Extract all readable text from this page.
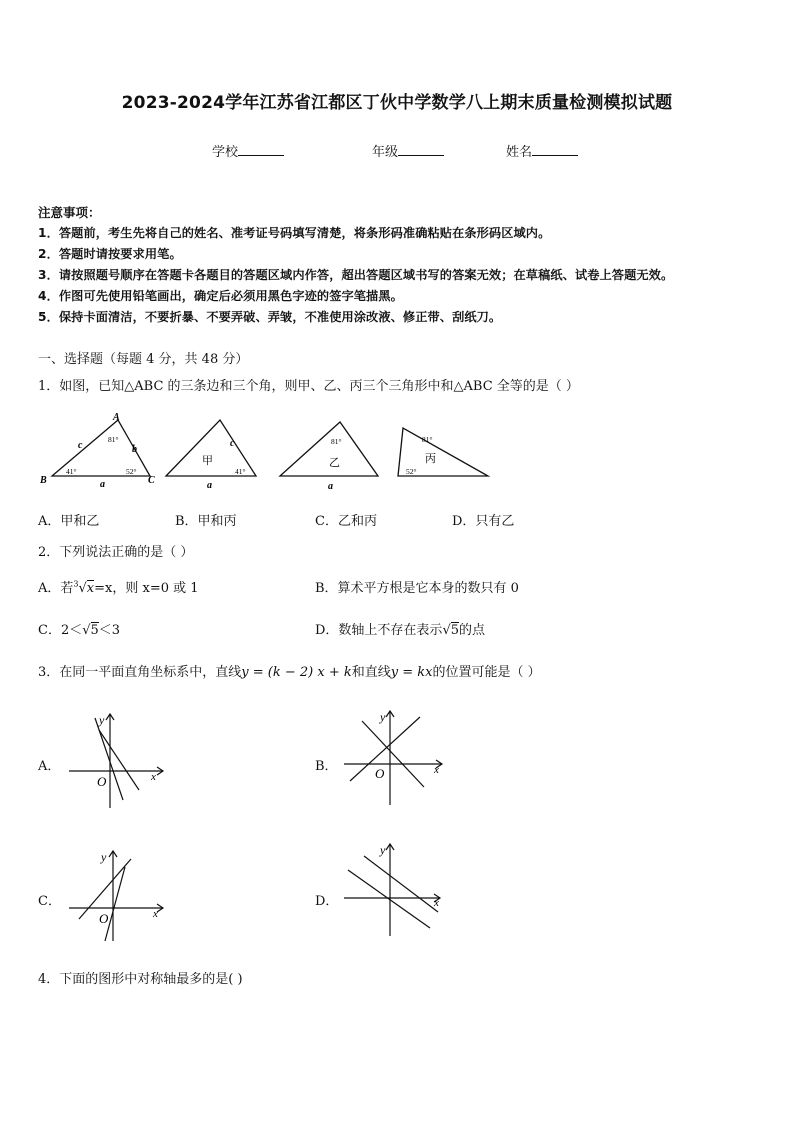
2023-2024学年江苏省江都区丁伙中学数学八上期末质量检测模拟试题
学校	年级	姓名
注意事项：
1．答题前，考生先将自己的姓名、准考证号码填写清楚，将条形码准确粘贴在条形码区域内。
2．答题时请按要求用笔。
3．请按照题号顺序在答题卡各题目的答题区域内作答，超出答题区域书写的答案无效；在草稿纸、试卷上答题无效。
4．作图可先使用铅笔画出，确定后必须用黑色字迹的签字笔描黑。
5．保持卡面清洁，不要折暴、不要弄破、弄皱，不准使用涂改液、修正带、刮纸刀。
一、选择题（每题 4 分，共 48 分）
1．如图，已知△ABC 的三条边和三个角，则甲、乙、丙三个三角形中和△ABC 全等的是（ ）
A
B	C
c	b
a
81°
41°	52°
甲
c
a
41°
乙
81°
a
丙
81°
52°
A．甲和乙	B．甲和丙	C．乙和丙	D．只有乙
2．下列说法正确的是（ ）
A．若$^3$√x=x，则 x=0 或 1	B．算术平方根是它本身的数只有 0
C．2＜√5＜3	D．数轴上不存在表示√5的点
3．在同一平面直角坐标系中，直线y = (k − 2) x + k和直线y = kx的位置可能是（ ）
A．
y
x
O
B．
y
x
O
C．
y
x
O
D．
y
x
4．下面的图形中对称轴最多的是( )
